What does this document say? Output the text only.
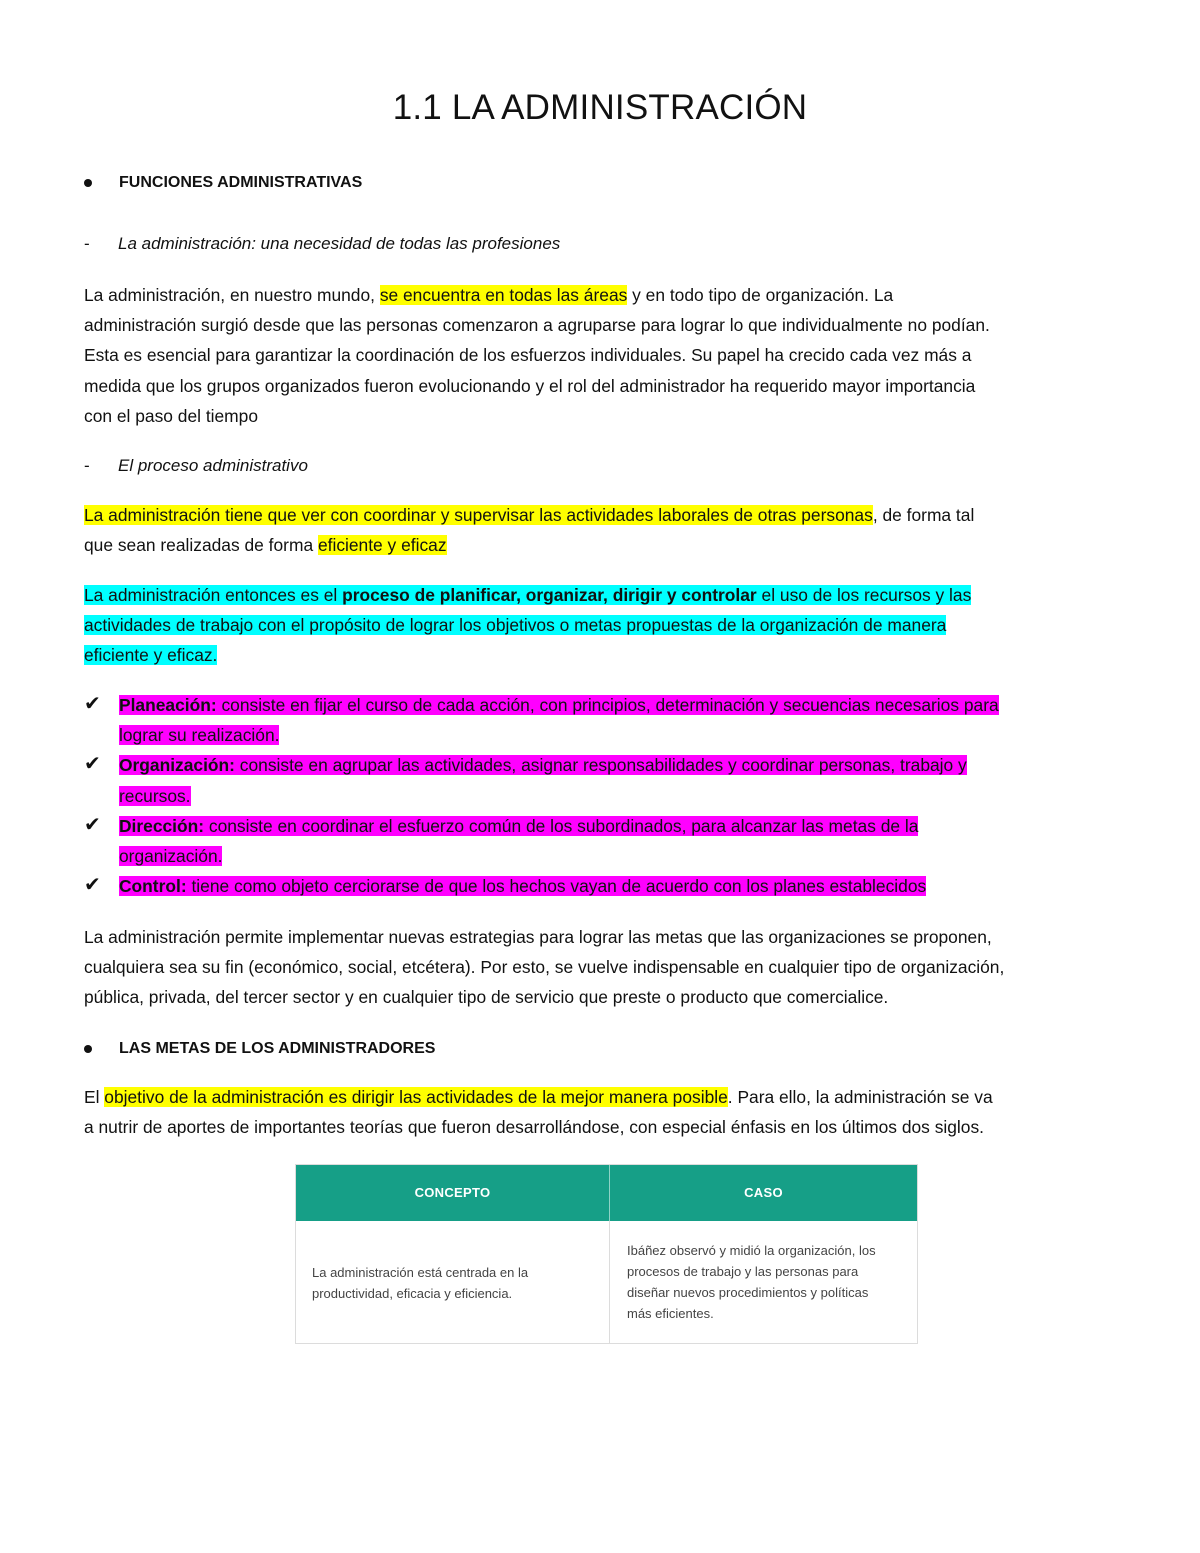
1.1 LA ADMINISTRACIÓN
FUNCIONES ADMINISTRATIVAS
- La administración: una necesidad de todas las profesiones
La administración, en nuestro mundo, se encuentra en todas las áreas y en todo tipo de organización. La
administración surgió desde que las personas comenzaron a agruparse para lograr lo que individualmente no podían.
Esta es esencial para garantizar la coordinación de los esfuerzos individuales. Su papel ha crecido cada vez más a
medida que los grupos organizados fueron evolucionando y el rol del administrador ha requerido mayor importancia
con el paso del tiempo
- El proceso administrativo
La administración tiene que ver con coordinar y supervisar las actividades laborales de otras personas, de forma tal
que sean realizadas de forma eficiente y eficaz
La administración entonces es el proceso de planificar, organizar, dirigir y controlar el uso de los recursos y las
actividades de trabajo con el propósito de lograr los objetivos o metas propuestas de la organización de manera
eficiente y eficaz.
✔ Planeación: consiste en fijar el curso de cada acción, con principios, determinación y secuencias necesarios para
lograr su realización.
✔ Organización: consiste en agrupar las actividades, asignar responsabilidades y coordinar personas, trabajo y
recursos.
✔ Dirección: consiste en coordinar el esfuerzo común de los subordinados, para alcanzar las metas de la
organización.
✔ Control: tiene como objeto cerciorarse de que los hechos vayan de acuerdo con los planes establecidos
La administración permite implementar nuevas estrategias para lograr las metas que las organizaciones se proponen,
cualquiera sea su fin (económico, social, etcétera). Por esto, se vuelve indispensable en cualquier tipo de organización,
pública, privada, del tercer sector y en cualquier tipo de servicio que preste o producto que comercialice.
LAS METAS DE LOS ADMINISTRADORES
El objetivo de la administración es dirigir las actividades de la mejor manera posible. Para ello, la administración se va
a nutrir de aportes de importantes teorías que fueron desarrollándose, con especial énfasis en los últimos dos siglos.
CONCEPTO	CASO
La administración está centrada en la
productividad, eficacia y eficiencia.
Ibáñez observó y midió la organización, los
procesos de trabajo y las personas para
diseñar nuevos procedimientos y políticas
más eficientes.
